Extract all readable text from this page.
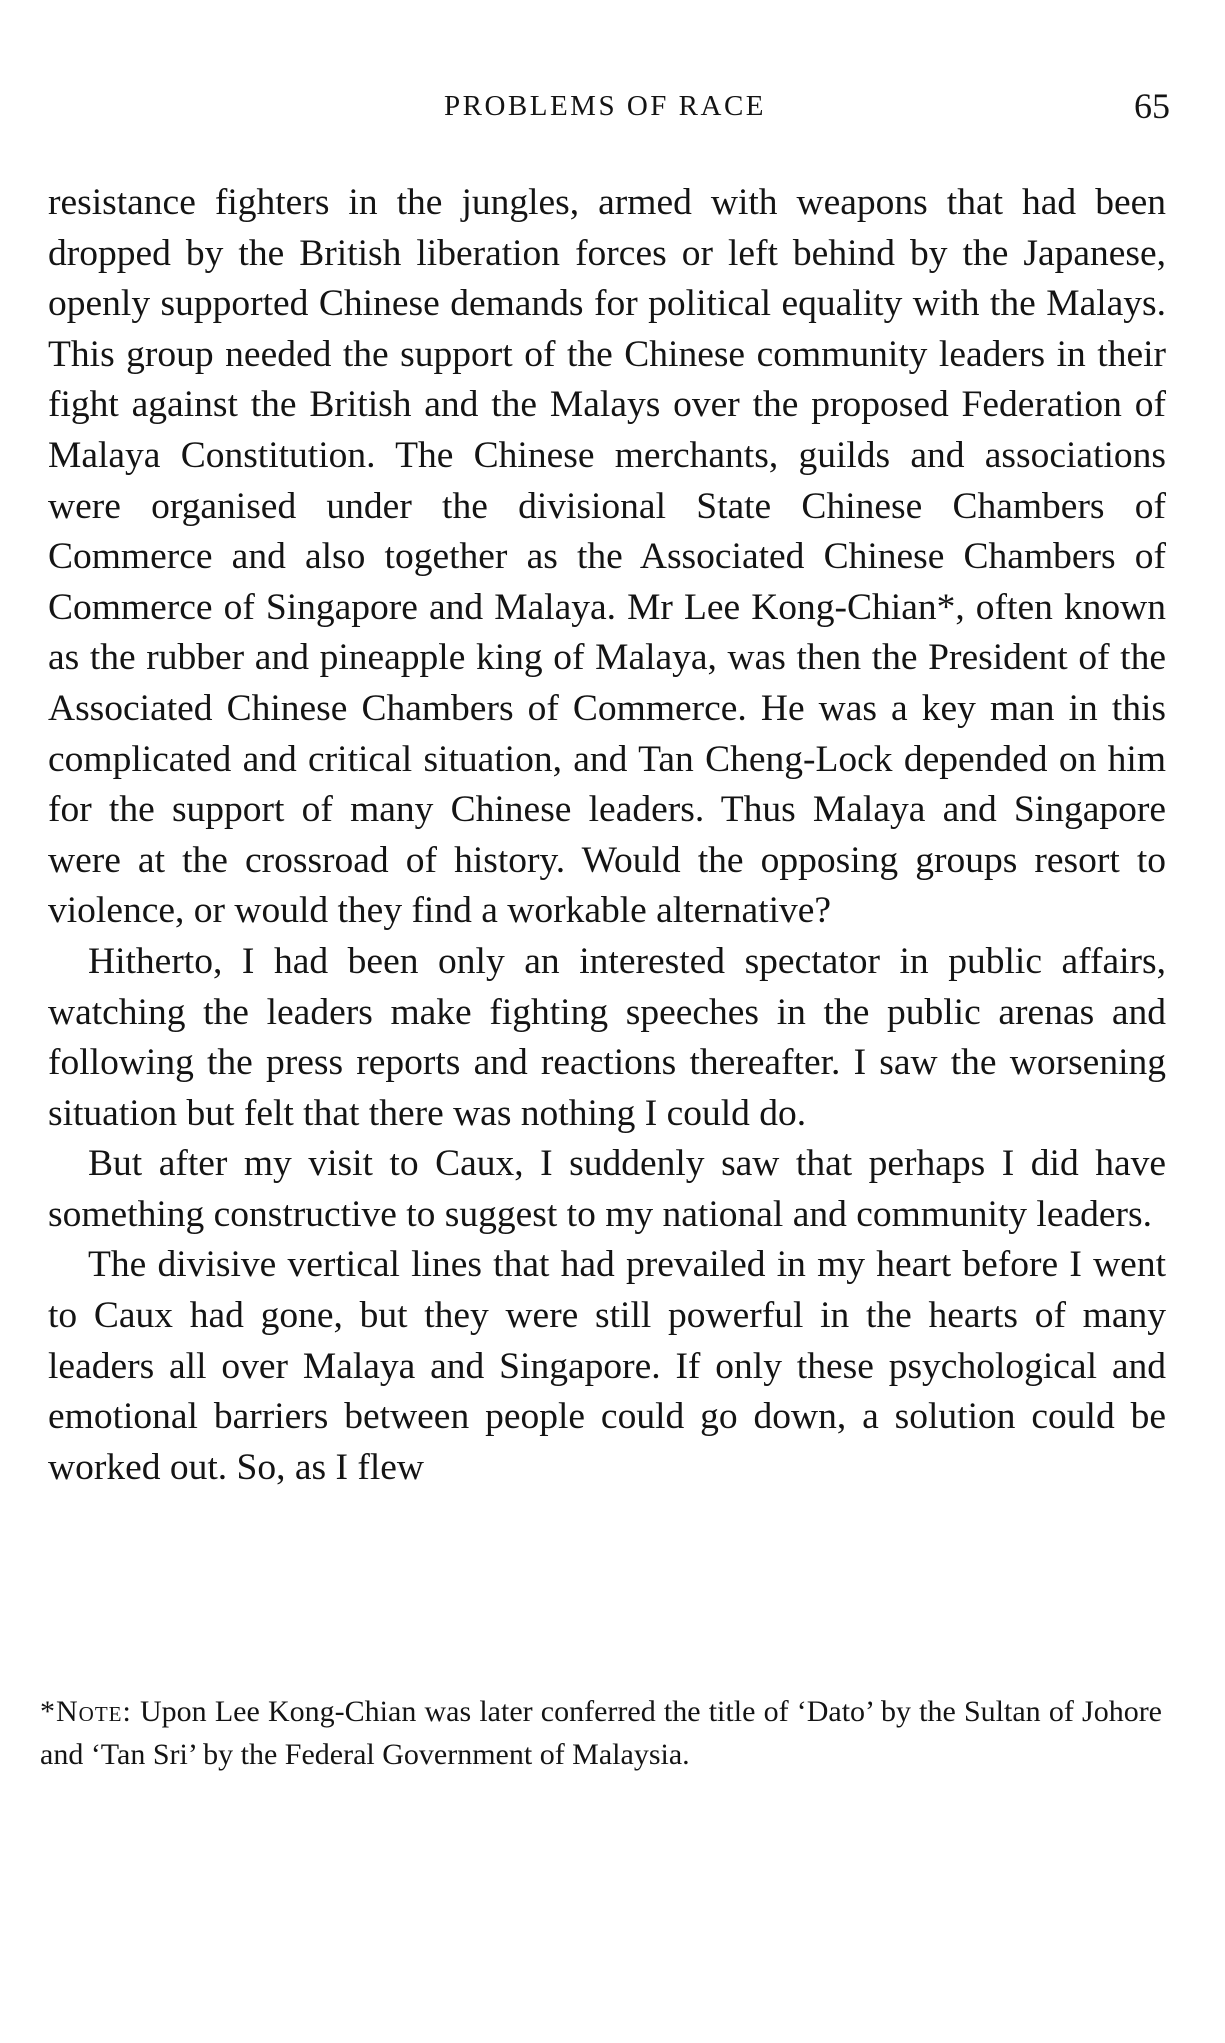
PROBLEMS OF RACE	65

resistance fighters in the jungles, armed with weapons that had been dropped by the British liberation forces or left behind by the Japanese, openly supported Chinese demands for political equality with the Malays. This group needed the support of the Chinese community leaders in their fight against the British and the Malays over the proposed Federation of Malaya Constitution. The Chinese merchants, guilds and associations were organised under the divisional State Chinese Chambers of Commerce and also together as the Associated Chinese Chambers of Commerce of Singapore and Malaya. Mr Lee Kong-Chian*, often known as the rubber and pineapple king of Malaya, was then the President of the Associated Chinese Chambers of Commerce. He was a key man in this complicated and critical situation, and Tan Cheng-Lock depended on him for the support of many Chinese leaders. Thus Malaya and Singapore were at the crossroad of history. Would the opposing groups resort to violence, or would they find a workable alternative?

Hitherto, I had been only an interested spectator in public affairs, watching the leaders make fighting speeches in the public arenas and following the press reports and reactions thereafter. I saw the worsening situation but felt that there was nothing I could do.

But after my visit to Caux, I suddenly saw that perhaps I did have something constructive to suggest to my national and community leaders.

The divisive vertical lines that had prevailed in my heart before I went to Caux had gone, but they were still powerful in the hearts of many leaders all over Malaya and Singapore. If only these psychological and emotional barriers between people could go down, a solution could be worked out. So, as I flew

*Note: Upon Lee Kong-Chian was later conferred the title of ‘Dato’ by the Sultan of Johore and ‘Tan Sri’ by the Federal Government of Malaysia.
